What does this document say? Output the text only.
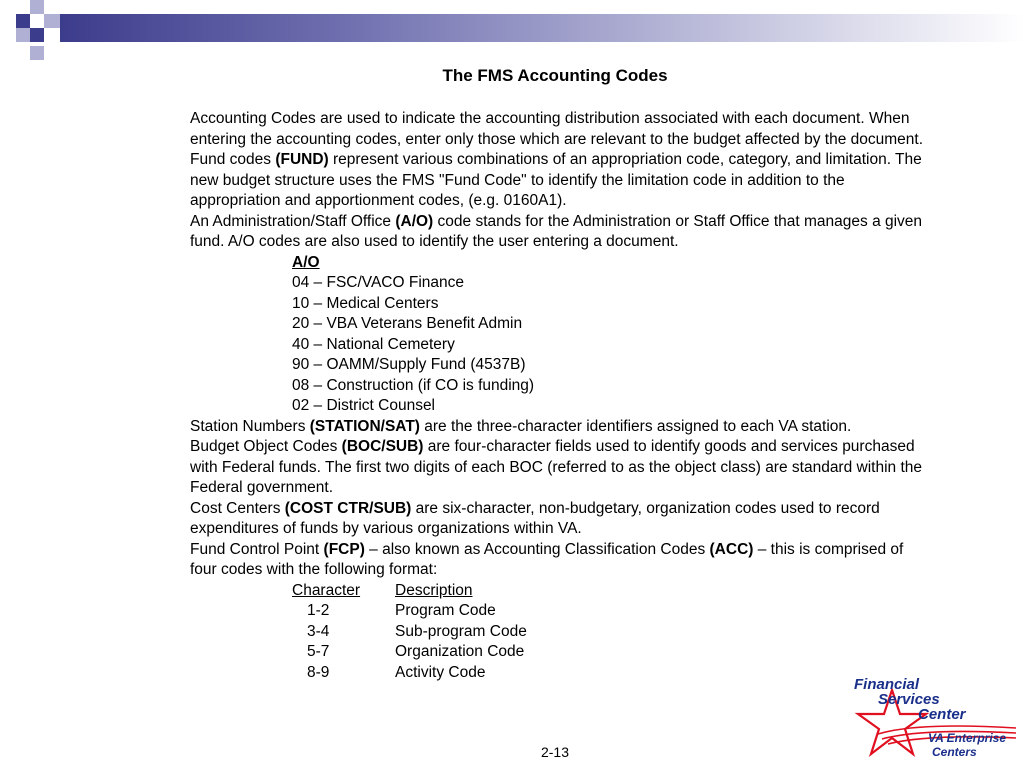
The FMS Accounting Codes

Accounting Codes are used to indicate the accounting distribution associated with each document. When entering the accounting codes, enter only those which are relevant to the budget affected by the document.

Fund codes (FUND) represent various combinations of an appropriation code, category, and limitation. The new budget structure uses the FMS "Fund Code" to identify the limitation code in addition to the appropriation and apportionment codes, (e.g. 0160A1).

An Administration/Staff Office (A/O) code stands for the Administration or Staff Office that manages a given fund. A/O codes are also used to identify the user entering a document.

A/O

04 – FSC/VACO Finance

10 – Medical Centers

20 – VBA Veterans Benefit Admin

40 – National Cemetery

90 – OAMM/Supply Fund (4537B)

08 – Construction (if CO is funding)

02 – District Counsel

Station Numbers (STATION/SAT) are the three-character identifiers assigned to each VA station.

Budget Object Codes (BOC/SUB) are four-character fields used to identify goods and services purchased with Federal funds. The first two digits of each BOC (referred to as the object class) are standard within the Federal government.

Cost Centers (COST CTR/SUB) are six-character, non-budgetary, organization codes used to record expenditures of funds by various organizations within VA.

Fund Control Point (FCP) – also known as Accounting Classification Codes (ACC) – this is comprised of four codes with the following format:

Character	Description
1-2	Program Code
3-4	Sub-program Code
5-7	Organization Code
8-9	Activity Code
2-13
Financial
Services
Center
VA Enterprise
Centers
